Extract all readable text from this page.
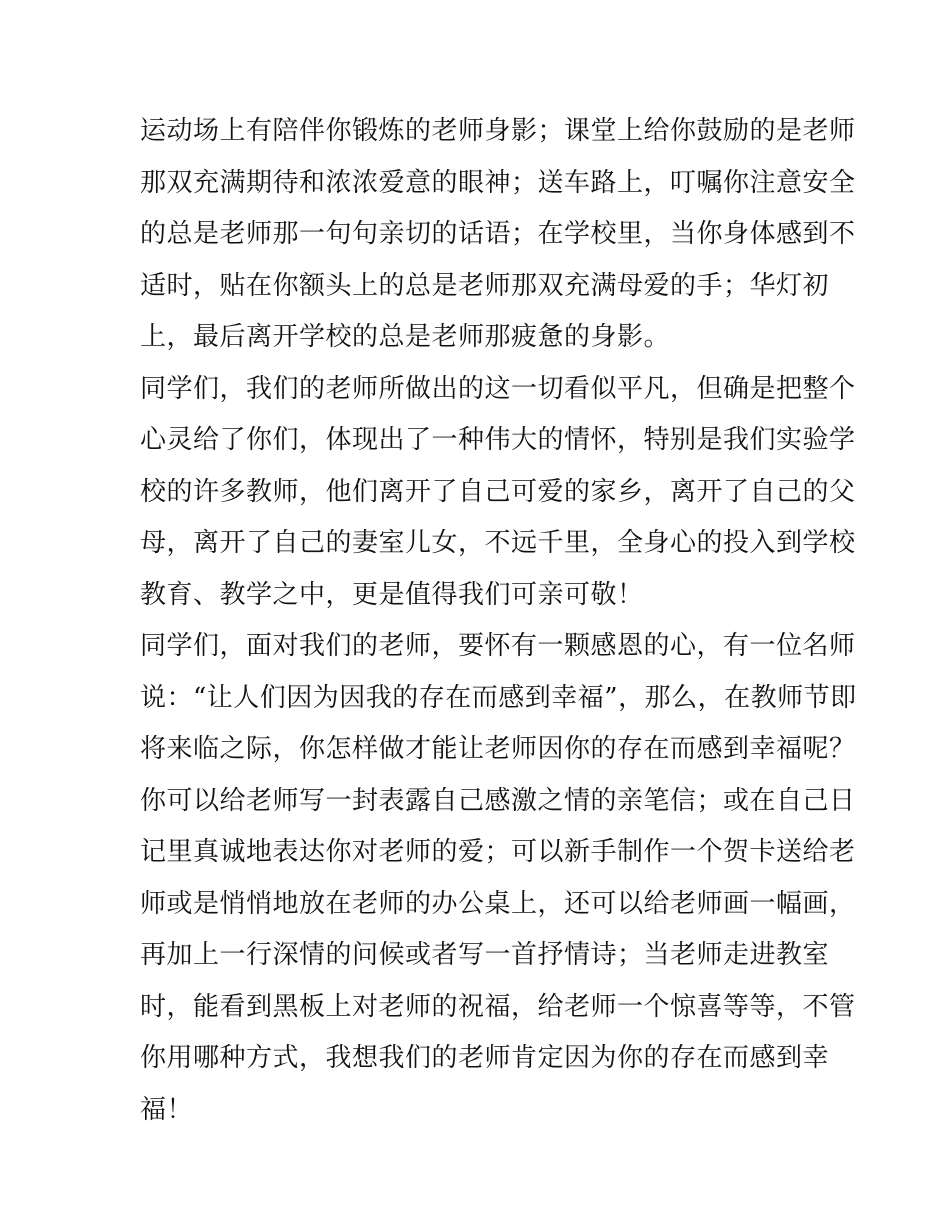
运动场上有陪伴你锻炼的老师身影；课堂上给你鼓励的是老师
那双充满期待和浓浓爱意的眼神；送车路上，叮嘱你注意安全
的总是老师那一句句亲切的话语；在学校里，当你身体感到不
适时，贴在你额头上的总是老师那双充满母爱的手；华灯初
上，最后离开学校的总是老师那疲惫的身影。
同学们，我们的老师所做出的这一切看似平凡，但确是把整个
心灵给了你们，体现出了一种伟大的情怀，特别是我们实验学
校的许多教师，他们离开了自己可爱的家乡，离开了自己的父
母，离开了自己的妻室儿女，不远千里，全身心的投入到学校
教育、教学之中，更是值得我们可亲可敬！
同学们，面对我们的老师，要怀有一颗感恩的心，有一位名师
说：“让人们因为因我的存在而感到幸福”，那么，在教师节即
将来临之际，你怎样做才能让老师因你的存在而感到幸福呢？
你可以给老师写一封表露自己感激之情的亲笔信；或在自己日
记里真诚地表达你对老师的爱；可以新手制作一个贺卡送给老
师或是悄悄地放在老师的办公桌上，还可以给老师画一幅画，
再加上一行深情的问候或者写一首抒情诗；当老师走进教室
时，能看到黑板上对老师的祝福，给老师一个惊喜等等，不管
你用哪种方式，我想我们的老师肯定因为你的存在而感到幸
福！
